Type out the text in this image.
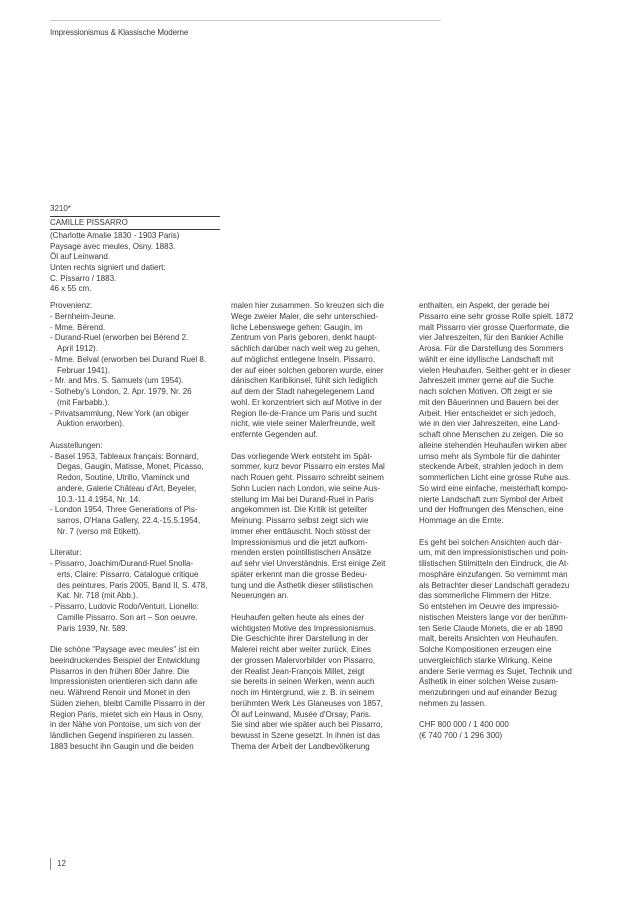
Impressionismus & Klassische Moderne
3210*
CAMILLE PISSARRO
(Charlotte Amalie 1830 - 1903 Paris)
Paysage avec meules, Osny. 1883.
Öl auf Leinwand.
Unten rechts signiert und datiert:
C. Pissarro / 1883.
46 x 55 cm.
Provenienz:
- Bernheim-Jeune.
- Mme. Bérend.
- Durand-Ruel (erworben bei Bérend 2.
April 1912).
- Mme. Belval (erworben bei Durand Ruel 8.
Februar 1941).
- Mr. and Mrs. S. Samuels (um 1954).
- Sotheby's London, 2. Apr. 1979, Nr. 26
(mit Farbabb.).
- Privatsammlung, New York (an obiger
Auktion erworben).
Ausstellungen:
- Basel 1953, Tableaux français: Bonnard,
Degas, Gaugin, Matisse, Monet, Picasso,
Redon, Soutine, Utrillo, Vlaminck und
andere, Galerie Château d'Art, Beyeler,
10.3.-11.4.1954, Nr. 14.
- London 1954, Three Generations of Pis-
sarros, O'Hana Gallery, 22.4.-15.5.1954,
Nr. 7 (verso mit Etikett).
Literatur:
- Pissarro, Joachim/Durand-Ruel Snolla-
erts, Claire: Pissarro. Catalogue critique
des peintures, Paris 2005, Band II, S. 478,
Kat. Nr. 718 (mit Abb.).
- Pissarro, Ludovic Rodo/Venturi, Lionello:
Camille Pissarro. Son art – Son oeuvre.
Paris 1939, Nr. 589.
Die schöne "Paysage avec meules" ist ein
beeindruckendes Beispiel der Entwicklung
Pissarros in den frühen 80er Jahre. Die
Impressionisten orientieren sich dann alle
neu. Während Renoir und Monet in den
Süden ziehen, bleibt Camille Pissarro in der
Region Paris, mietet sich ein Haus in Osny,
in der Nähe von Pontoise, um sich von der
ländlichen Gegend inspirieren zu lassen.
1883 besucht ihn Gaugin und die beiden
malen hier zusammen. So kreuzen sich die
Wege zweier Maler, die sehr unterschied-
liche Lebenswege gehen: Gaugin, im
Zentrum von Paris geboren, denkt haupt-
sächlich darüber nach weit weg zu gehen,
auf möglichst entlegene Inseln. Pissarro,
der auf einer solchen geboren wurde, einer
dänischen Karibikinsel, fühlt sich lediglich
auf dem der Stadt nahegelegenem Land
wohl. Er konzentriert sich auf Motive in der
Region Ile-de-France um Paris und sucht
nicht, wie viele seiner Malerfreunde, weit
entfernte Gegenden auf.
Das vorliegende Werk entsteht im Spät-
sommer, kurz bevor Pissarro ein erstes Mal
nach Rouen geht. Pissarro schreibt seinem
Sohn Lucien nach London, wie seine Aus-
stellung im Mai bei Durand-Ruel in Paris
angekommen ist. Die Kritik ist geteilter
Meinung. Pissarro selbst zeigt sich wie
immer eher enttäuscht. Noch stösst der
Impressionismus und die jetzt aufkom-
menden ersten pointillistischen Ansätze
auf sehr viel Unverständnis. Erst einige Zeit
später erkennt man die grosse Bedeu-
tung und die Ästhetik dieser stilistischen
Neuerungen an.
Heuhaufen gelten heute als eines der
wichtigsten Motive des Impressionismus.
Die Geschichte ihrer Darstellung in der
Malerei reicht aber weiter zurück. Eines
der grossen Malervorbilder von Pissarro,
der Realist Jean-François Millet, zeigt
sie bereits in seinen Werken, wenn auch
noch im Hintergrund, wie z. B. in seinem
berühmten Werk Les Glaneuses von 1857,
Öl auf Leinwand, Musée d'Orsay, Paris.
Sie sind aber wie später auch bei Pissarro,
bewusst in Szene gesetzt. In ihnen ist das
Thema der Arbeit der Landbevölkerung
enthalten, ein Aspekt, der gerade bei
Pissarro eine sehr grosse Rolle spielt. 1872
malt Pissarro vier grosse Querformate, die
vier Jahreszeiten, für den Bankier Achille
Arosa. Für die Darstellung des Sommers
wählt er eine idyllische Landschaft mit
vielen Heuhaufen. Seither geht er in dieser
Jahreszeit immer gerne auf die Suche
nach solchen Motiven. Oft zeigt er sie
mit den Bäuerinnen und Bauern bei der
Arbeit. Hier entscheidet er sich jedoch,
wie in den vier Jahreszeiten, eine Land-
schaft ohne Menschen zu zeigen. Die so
alleine stehenden Heuhaufen wirken aber
umso mehr als Symbole für die dahinter
steckende Arbeit, strahlen jedoch in dem
sommerlichen Licht eine grosse Ruhe aus.
So wird eine einfache, meisterhaft kompo-
nierte Landschaft zum Symbol der Arbeit
und der Hoffnungen des Menschen, eine
Hommage an die Ernte.
Es geht bei solchen Ansichten auch dar-
um, mit den impressionistischen und poin-
tilistischen Stilmitteln den Eindruck, die At-
mosphäre einzufangen. So vernimmt man
als Betrachter dieser Landschaft geradezu
das sommerliche Flimmern der Hitze.
So entstehen im Oeuvre des impressio-
nistischen Meisters lange vor der berühm-
ten Serie Claude Monets, die er ab 1890
malt, bereits Ansichten von Heuhaufen.
Solche Kompositionen erzeugen eine
unvergleichlich starke Wirkung. Keine
andere Serie vermag es Sujet, Technik und
Ästhetik in einer solchen Weise zusam-
menzubringen und auf einander Bezug
nehmen zu lassen.
CHF 800 000 / 1 400 000
(€ 740 700 / 1 296 300)
12
